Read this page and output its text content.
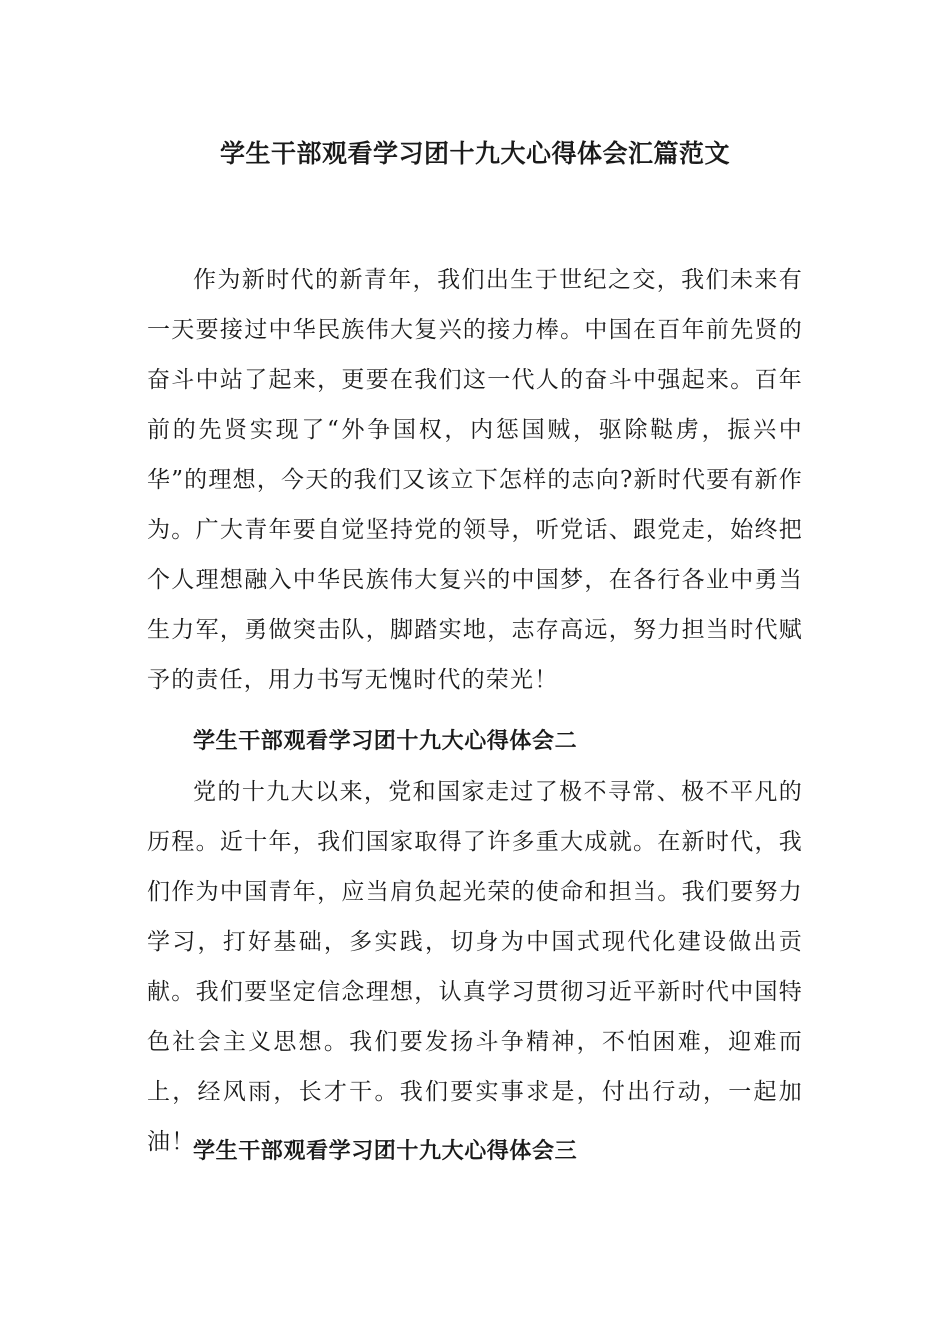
学生干部观看学习团十九大心得体会汇篇范文

作为新时代的新青年，我们出生于世纪之交，我们未来有一天要接过中华民族伟大复兴的接力棒。中国在百年前先贤的奋斗中站了起来，更要在我们这一代人的奋斗中强起来。百年前的先贤实现了“外争国权，内惩国贼，驱除鞑虏，振兴中华”的理想，今天的我们又该立下怎样的志向?新时代要有新作为。广大青年要自觉坚持党的领导，听党话、跟党走，始终把个人理想融入中华民族伟大复兴的中国梦，在各行各业中勇当生力军，勇做突击队，脚踏实地，志存高远，努力担当时代赋予的责任，用力书写无愧时代的荣光！

学生干部观看学习团十九大心得体会二

党的十九大以来，党和国家走过了极不寻常、极不平凡的历程。近十年，我们国家取得了许多重大成就。在新时代，我们作为中国青年，应当肩负起光荣的使命和担当。我们要努力学习，打好基础，多实践，切身为中国式现代化建设做出贡献。我们要坚定信念理想，认真学习贯彻习近平新时代中国特色社会主义思想。我们要发扬斗争精神，不怕困难，迎难而上，经风雨，长才干。我们要实事求是，付出行动，一起加油！

学生干部观看学习团十九大心得体会三
